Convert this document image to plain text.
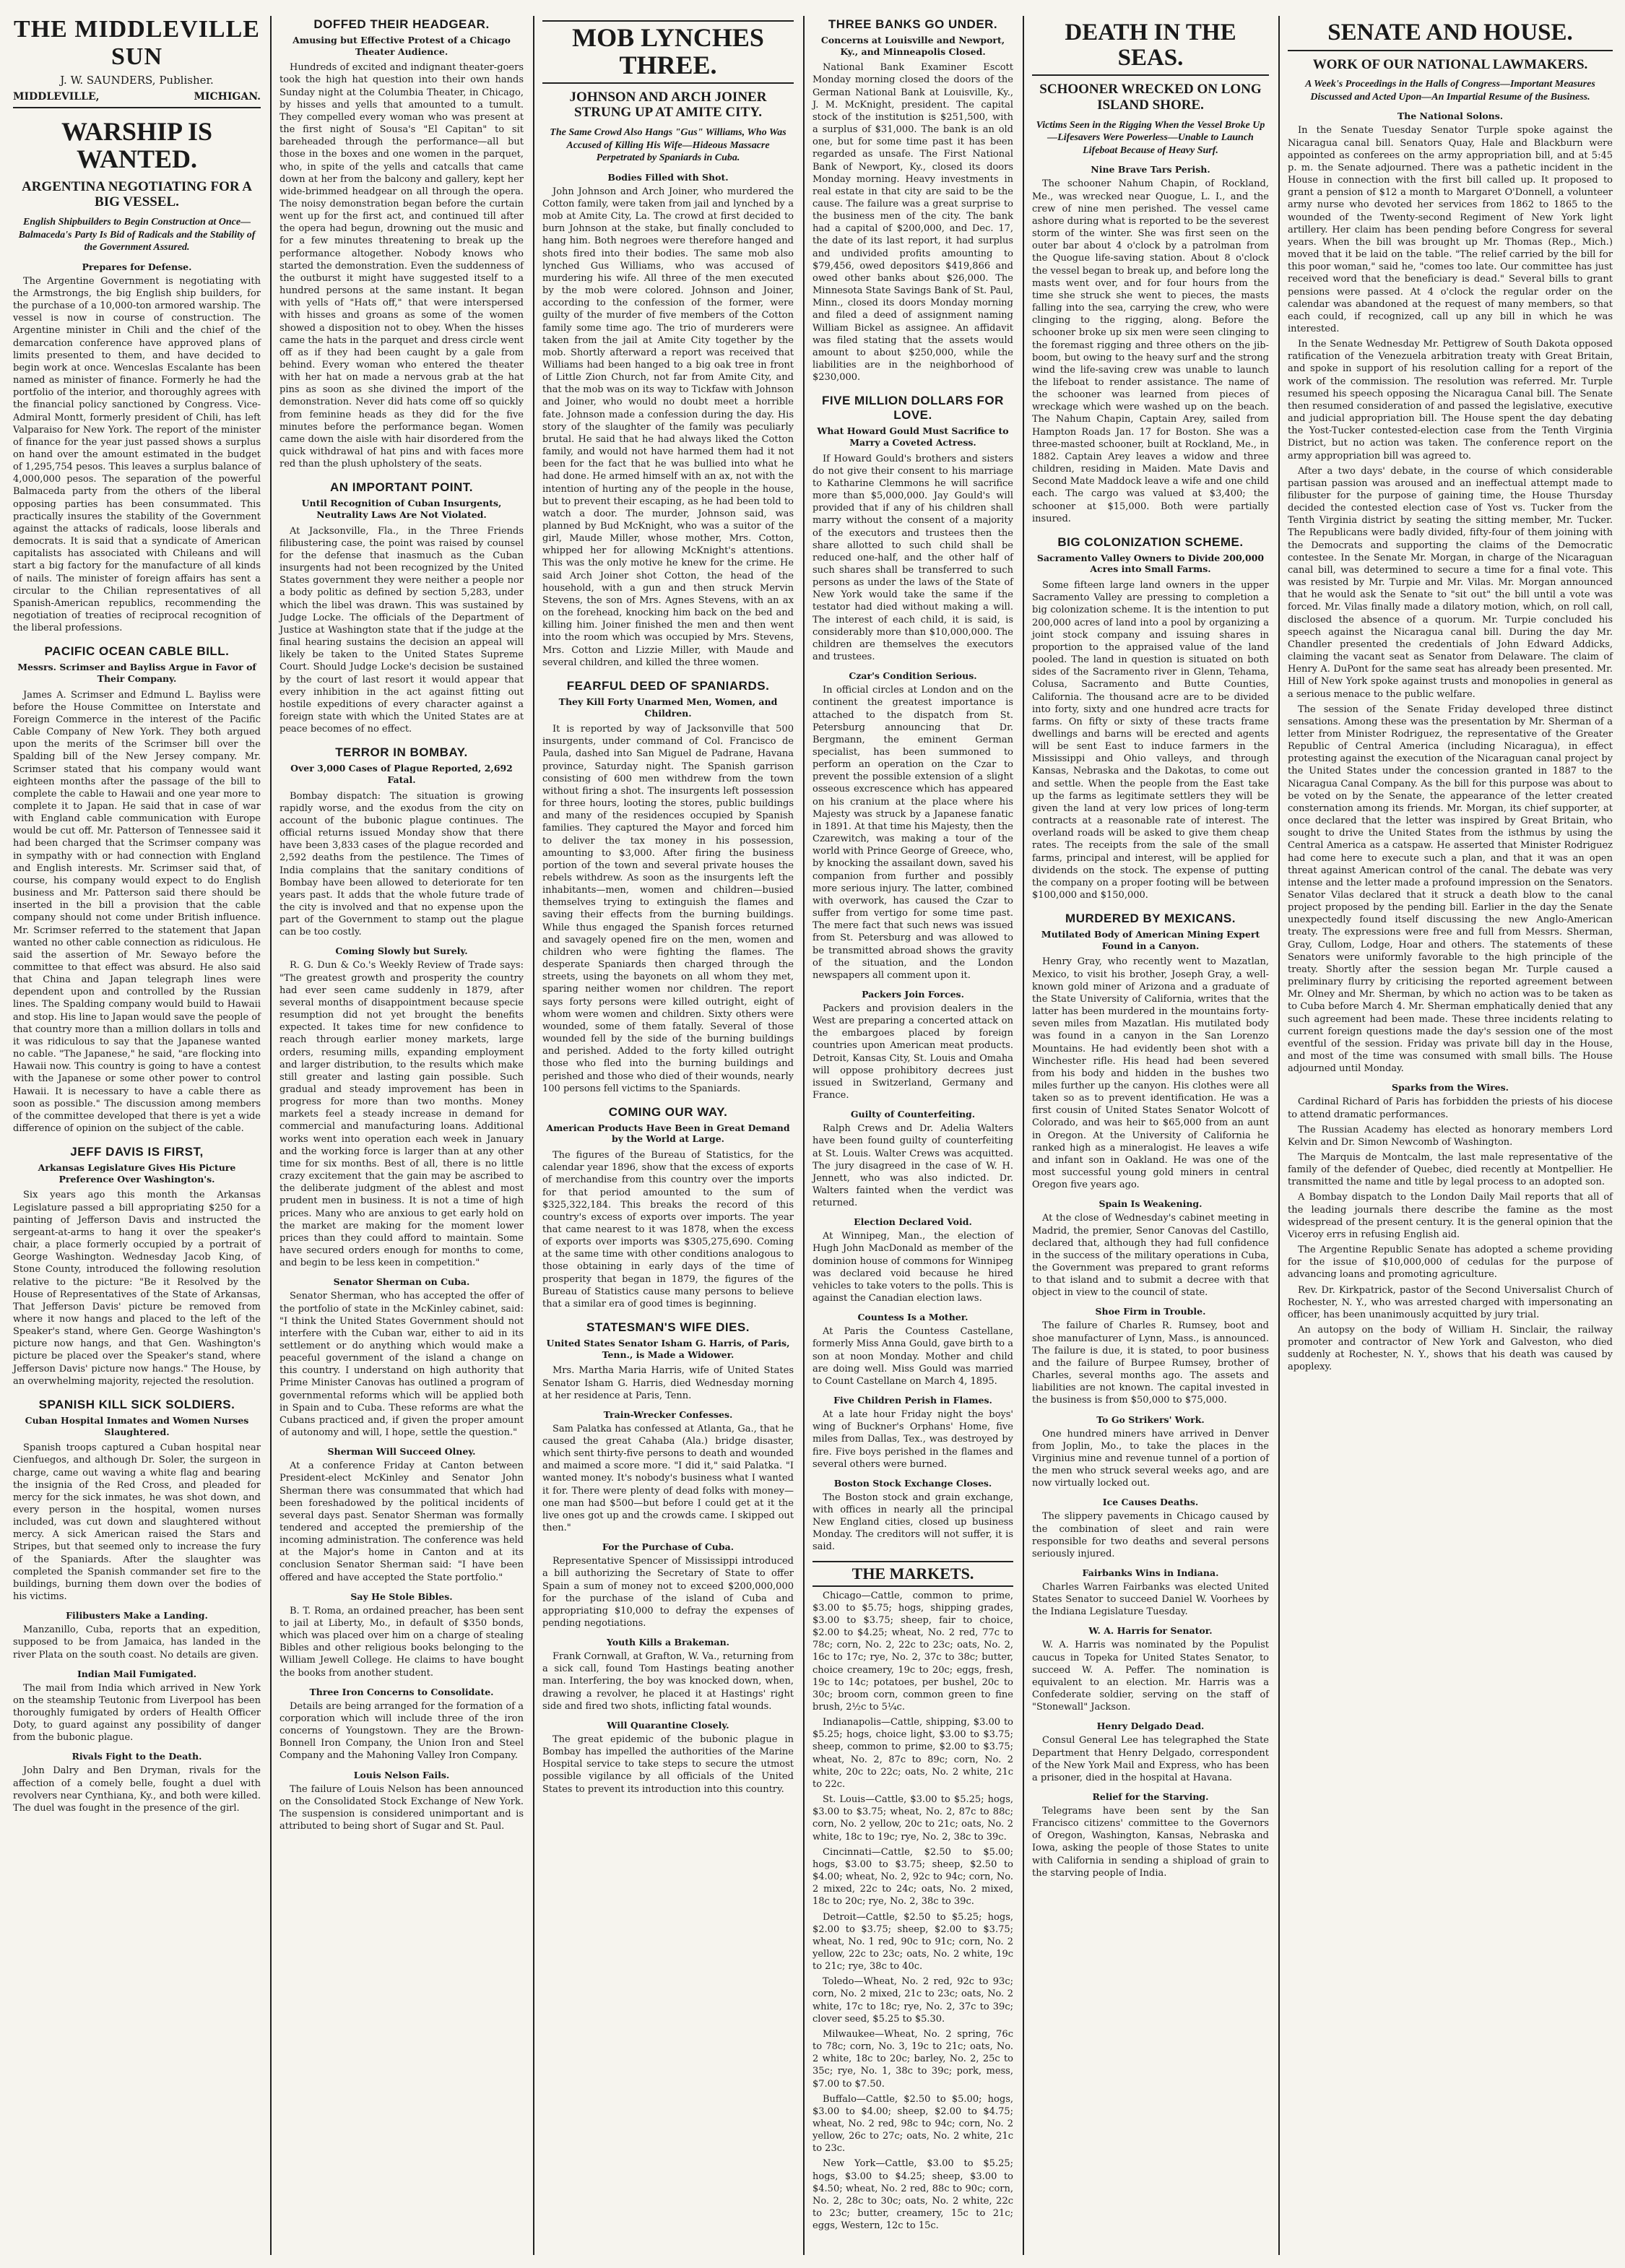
THE MIDDLEVILLE SUN
J. W. SAUNDERS, Publisher.
MIDDLEVILLE,	MICHIGAN.
WARSHIP IS WANTED.
ARGENTINA NEGOTIATING FOR A BIG VESSEL.
English Shipbuilders to Begin Construction at Once—Balmaceda's Party Is Bid of Radicals and the Stability of the Government Assured.
Prepares for Defense.

The Argentine Government is negotiating with the Armstrongs, the big English ship builders, for the purchase of a 10,000-ton armored warship. The vessel is now in course of construction. The Argentine minister in Chili and the chief of the demarcation conference have approved plans of limits presented to them, and have decided to begin work at once. Wenceslas Escalante has been named as minister of finance. Formerly he had the portfolio of the interior, and thoroughly agrees with the financial policy sanctioned by Congress. Vice-Admiral Montt, formerly president of Chili, has left Valparaiso for New York. The report of the minister of finance for the year just passed shows a surplus on hand over the amount estimated in the budget of 1,295,754 pesos. This leaves a surplus balance of 4,000,000 pesos. The separation of the powerful Balmaceda party from the others of the liberal opposing parties has been consummated. This practically insures the stability of the Government against the attacks of radicals, loose liberals and democrats. It is said that a syndicate of American capitalists has associated with Chileans and will start a big factory for the manufacture of all kinds of nails. The minister of foreign affairs has sent a circular to the Chilian representatives of all Spanish-American republics, recommending the negotiation of treaties of reciprocal recognition of the liberal professions.

PACIFIC OCEAN CABLE BILL.
Messrs. Scrimser and Bayliss Argue in Favor of Their Company.

James A. Scrimser and Edmund L. Bayliss were before the House Committee on Interstate and Foreign Commerce in the interest of the Pacific Cable Company of New York. They both argued upon the merits of the Scrimser bill over the Spalding bill of the New Jersey company. Mr. Scrimser stated that his company would want eighteen months after the passage of the bill to complete the cable to Hawaii and one year more to complete it to Japan. He said that in case of war with England cable communication with Europe would be cut off. Mr. Patterson of Tennessee said it had been charged that the Scrimser company was in sympathy with or had connection with England and English interests. Mr. Scrimser said that, of course, his company would expect to do English business and Mr. Patterson said there should be inserted in the bill a provision that the cable company should not come under British influence. Mr. Scrimser referred to the statement that Japan wanted no other cable connection as ridiculous. He said the assertion of Mr. Sewayo before the committee to that effect was absurd. He also said that China and Japan telegraph lines were dependent upon and controlled by the Russian lines. The Spalding company would build to Hawaii and stop. His line to Japan would save the people of that country more than a million dollars in tolls and it was ridiculous to say that the Japanese wanted no cable. "The Japanese," he said, "are flocking into Hawaii now. This country is going to have a contest with the Japanese or some other power to control Hawaii. It is necessary to have a cable there as soon as possible." The discussion among members of the committee developed that there is yet a wide difference of opinion on the subject of the cable.

JEFF DAVIS IS FIRST,
Arkansas Legislature Gives His Picture Preference Over Washington's.

Six years ago this month the Arkansas Legislature passed a bill appropriating $250 for a painting of Jefferson Davis and instructed the sergeant-at-arms to hang it over the speaker's chair, a place formerly occupied by a portrait of George Washington. Wednesday Jacob King, of Stone County, introduced the following resolution relative to the picture: "Be it Resolved by the House of Representatives of the State of Arkansas, That Jefferson Davis' picture be removed from where it now hangs and placed to the left of the Speaker's stand, where Gen. George Washington's picture now hangs, and that Gen. Washington's picture be placed over the Speaker's stand, where Jefferson Davis' picture now hangs." The House, by an overwhelming majority, rejected the resolution.

SPANISH KILL SICK SOLDIERS.
Cuban Hospital Inmates and Women Nurses Slaughtered.

Spanish troops captured a Cuban hospital near Cienfuegos, and although Dr. Soler, the surgeon in charge, came out waving a white flag and bearing the insignia of the Red Cross, and pleaded for mercy for the sick inmates, he was shot down, and every person in the hospital, women nurses included, was cut down and slaughtered without mercy. A sick American raised the Stars and Stripes, but that seemed only to increase the fury of the Spaniards. After the slaughter was completed the Spanish commander set fire to the buildings, burning them down over the bodies of his victims.

Filibusters Make a Landing.

Manzanillo, Cuba, reports that an expedition, supposed to be from Jamaica, has landed in the river Plata on the south coast. No details are given.

Indian Mail Fumigated.

The mail from India which arrived in New York on the steamship Teutonic from Liverpool has been thoroughly fumigated by orders of Health Officer Doty, to guard against any possibility of danger from the bubonic plague.

Rivals Fight to the Death.

John Dalry and Ben Dryman, rivals for the affection of a comely belle, fought a duel with revolvers near Cynthiana, Ky., and both were killed. The duel was fought in the presence of the girl.

DOFFED THEIR HEADGEAR.
Amusing but Effective Protest of a Chicago Theater Audience.

Hundreds of excited and indignant theater-goers took the high hat question into their own hands Sunday night at the Columbia Theater, in Chicago, by hisses and yells that amounted to a tumult. They compelled every woman who was present at the first night of Sousa's "El Capitan" to sit bareheaded through the performance—all but those in the boxes and one women in the parquet, who, in spite of the yells and catcalls that came down at her from the balcony and gallery, kept her wide-brimmed headgear on all through the opera. The noisy demonstration began before the curtain went up for the first act, and continued till after the opera had begun, drowning out the music and for a few minutes threatening to break up the performance altogether. Nobody knows who started the demonstration. Even the suddenness of the outburst it might have suggested itself to a hundred persons at the same instant. It began with yells of "Hats off," that were interspersed with hisses and groans as some of the women showed a disposition not to obey. When the hisses came the hats in the parquet and dress circle went off as if they had been caught by a gale from behind. Every woman who entered the theater with her hat on made a nervous grab at the hat pins as soon as she divined the import of the demonstration. Never did hats come off so quickly from feminine heads as they did for the five minutes before the performance began. Women came down the aisle with hair disordered from the quick withdrawal of hat pins and with faces more red than the plush upholstery of the seats.

AN IMPORTANT POINT.
Until Recognition of Cuban Insurgents, Neutrality Laws Are Not Violated.

At Jacksonville, Fla., in the Three Friends filibustering case, the point was raised by counsel for the defense that inasmuch as the Cuban insurgents had not been recognized by the United States government they were neither a people nor a body politic as defined by section 5,283, under which the libel was drawn. This was sustained by Judge Locke. The officials of the Department of Justice at Washington state that if the judge at the final hearing sustains the decision an appeal will likely be taken to the United States Supreme Court. Should Judge Locke's decision be sustained by the court of last resort it would appear that every inhibition in the act against fitting out hostile expeditions of every character against a foreign state with which the United States are at peace becomes of no effect.

TERROR IN BOMBAY.
Over 3,000 Cases of Plague Reported, 2,692 Fatal.

Bombay dispatch: The situation is growing rapidly worse, and the exodus from the city on account of the bubonic plague continues. The official returns issued Monday show that there have been 3,833 cases of the plague recorded and 2,592 deaths from the pestilence. The Times of India complains that the sanitary conditions of Bombay have been allowed to deteriorate for ten years past. It adds that the whole future trade of the city is involved and that no expense upon the part of the Government to stamp out the plague can be too costly.

Coming Slowly but Surely.

R. G. Dun & Co.'s Weekly Review of Trade says: "The greatest growth and prosperity the country had ever seen came suddenly in 1879, after several months of disappointment because specie resumption did not yet brought the benefits expected. It takes time for new confidence to reach through earlier money markets, large orders, resuming mills, expanding employment and larger distribution, to the results which make still greater and lasting gain possible. Such gradual and steady improvement has been in progress for more than two months. Money markets feel a steady increase in demand for commercial and manufacturing loans. Additional works went into operation each week in January and the working force is larger than at any other time for six months. Best of all, there is no little crazy excitement that the gain may be ascribed to the deliberate judgment of the ablest and most prudent men in business. It is not a time of high prices. Many who are anxious to get early hold on the market are making for the moment lower prices than they could afford to maintain. Some have secured orders enough for months to come, and begin to be less keen in competition."

Senator Sherman on Cuba.

Senator Sherman, who has accepted the offer of the portfolio of state in the McKinley cabinet, said: "I think the United States Government should not interfere with the Cuban war, either to aid in its settlement or do anything which would make a peaceful government of the island a change on this country. I understand on high authority that Prime Minister Canovas has outlined a program of governmental reforms which will be applied both in Spain and to Cuba. These reforms are what the Cubans practiced and, if given the proper amount of autonomy and will, I hope, settle the question."

Sherman Will Succeed Olney.

At a conference Friday at Canton between President-elect McKinley and Senator John Sherman there was consummated that which had been foreshadowed by the political incidents of several days past. Senator Sherman was formally tendered and accepted the premiership of the incoming administration. The conference was held at the Major's home in Canton and at its conclusion Senator Sherman said: "I have been offered and have accepted the State portfolio."

Say He Stole Bibles.

B. T. Roma, an ordained preacher, has been sent to jail at Liberty, Mo., in default of $350 bonds, which was placed over him on a charge of stealing Bibles and other religious books belonging to the William Jewell College. He claims to have bought the books from another student.

Three Iron Concerns to Consolidate.

Details are being arranged for the formation of a corporation which will include three of the iron concerns of Youngstown. They are the Brown-Bonnell Iron Company, the Union Iron and Steel Company and the Mahoning Valley Iron Company.

Louis Nelson Fails.

The failure of Louis Nelson has been announced on the Consolidated Stock Exchange of New York. The suspension is considered unimportant and is attributed to being short of Sugar and St. Paul.

MOB LYNCHES THREE.
JOHNSON AND ARCH JOINER STRUNG UP AT AMITE CITY.
The Same Crowd Also Hangs "Gus" Williams, Who Was Accused of Killing His Wife—Hideous Massacre Perpetrated by Spaniards in Cuba.
Bodies Filled with Shot.

John Johnson and Arch Joiner, who murdered the Cotton family, were taken from jail and lynched by a mob at Amite City, La. The crowd at first decided to burn Johnson at the stake, but finally concluded to hang him. Both negroes were therefore hanged and shots fired into their bodies. The same mob also lynched Gus Williams, who was accused of murdering his wife. All three of the men executed by the mob were colored. Johnson and Joiner, according to the confession of the former, were guilty of the murder of five members of the Cotton family some time ago. The trio of murderers were taken from the jail at Amite City together by the mob. Shortly afterward a report was received that Williams had been hanged to a big oak tree in front of Little Zion Church, not far from Amite City, and that the mob was on its way to Tickfaw with Johnson and Joiner, who would no doubt meet a horrible fate. Johnson made a confession during the day. His story of the slaughter of the family was peculiarly brutal. He said that he had always liked the Cotton family, and would not have harmed them had it not been for the fact that he was bullied into what he had done. He armed himself with an ax, not with the intention of hurting any of the people in the house, but to prevent their escaping, as he had been told to watch a door. The murder, Johnson said, was planned by Bud McKnight, who was a suitor of the girl, Maude Miller, whose mother, Mrs. Cotton, whipped her for allowing McKnight's attentions. This was the only motive he knew for the crime. He said Arch Joiner shot Cotton, the head of the household, with a gun and then struck Mervin Stevens, the son of Mrs. Agnes Stevens, with an ax on the forehead, knocking him back on the bed and killing him. Joiner finished the men and then went into the room which was occupied by Mrs. Stevens, Mrs. Cotton and Lizzie Miller, with Maude and several children, and killed the three women.

FEARFUL DEED OF SPANIARDS.
They Kill Forty Unarmed Men, Women, and Children.

It is reported by way of Jacksonville that 500 insurgents, under command of Col. Francisco de Paula, dashed into San Miguel de Padrane, Havana province, Saturday night. The Spanish garrison consisting of 600 men withdrew from the town without firing a shot. The insurgents left possession for three hours, looting the stores, public buildings and many of the residences occupied by Spanish families. They captured the Mayor and forced him to deliver the tax money in his possession, amounting to $3,000. After firing the business portion of the town and several private houses the rebels withdrew. As soon as the insurgents left the inhabitants—men, women and children—busied themselves trying to extinguish the flames and saving their effects from the burning buildings. While thus engaged the Spanish forces returned and savagely opened fire on the men, women and children who were fighting the flames. The desperate Spaniards then charged through the streets, using the bayonets on all whom they met, sparing neither women nor children. The report says forty persons were killed outright, eight of whom were women and children. Sixty others were wounded, some of them fatally. Several of those wounded fell by the side of the burning buildings and perished. Added to the forty killed outright those who fled into the burning buildings and perished and those who died of their wounds, nearly 100 persons fell victims to the Spaniards.

COMING OUR WAY.
American Products Have Been in Great Demand by the World at Large.

The figures of the Bureau of Statistics, for the calendar year 1896, show that the excess of exports of merchandise from this country over the imports for that period amounted to the sum of $325,322,184. This breaks the record of this country's excess of exports over imports. The year that came nearest to it was 1878, when the excess of exports over imports was $305,275,690. Coming at the same time with other conditions analogous to those obtaining in early days of the time of prosperity that began in 1879, the figures of the Bureau of Statistics cause many persons to believe that a similar era of good times is beginning.

STATESMAN'S WIFE DIES.
United States Senator Isham G. Harris, of Paris, Tenn., is Made a Widower.

Mrs. Martha Maria Harris, wife of United States Senator Isham G. Harris, died Wednesday morning at her residence at Paris, Tenn.

Train-Wrecker Confesses.

Sam Palatka has confessed at Atlanta, Ga., that he caused the great Cahaba (Ala.) bridge disaster, which sent thirty-five persons to death and wounded and maimed a score more. "I did it," said Palatka. "I wanted money. It's nobody's business what I wanted it for. There were plenty of dead folks with money—one man had $500—but before I could get at it the live ones got up and the crowds came. I skipped out then."

For the Purchase of Cuba.

Representative Spencer of Mississippi introduced a bill authorizing the Secretary of State to offer Spain a sum of money not to exceed $200,000,000 for the purchase of the island of Cuba and appropriating $10,000 to defray the expenses of pending negotiations.

Youth Kills a Brakeman.

Frank Cornwall, at Grafton, W. Va., returning from a sick call, found Tom Hastings beating another man. Interfering, the boy was knocked down, when, drawing a revolver, he placed it at Hastings' right side and fired two shots, inflicting fatal wounds.

Will Quarantine Closely.

The great epidemic of the bubonic plague in Bombay has impelled the authorities of the Marine Hospital service to take steps to secure the utmost possible vigilance by all officials of the United States to prevent its introduction into this country.

THREE BANKS GO UNDER.
Concerns at Louisville and Newport, Ky., and Minneapolis Closed.

National Bank Examiner Escott Monday morning closed the doors of the German National Bank at Louisville, Ky., J. M. McKnight, president. The capital stock of the institution is $251,500, with a surplus of $31,000. The bank is an old one, but for some time past it has been regarded as unsafe. The First National Bank of Newport, Ky., closed its doors Monday morning. Heavy investments in real estate in that city are said to be the cause. The failure was a great surprise to the business men of the city. The bank had a capital of $200,000, and Dec. 17, the date of its last report, it had surplus and undivided profits amounting to $79,456, owed depositors $419,866 and owed other banks about $26,000. The Minnesota State Savings Bank of St. Paul, Minn., closed its doors Monday morning and filed a deed of assignment naming William Bickel as assignee. An affidavit was filed stating that the assets would amount to about $250,000, while the liabilities are in the neighborhood of $230,000.

FIVE MILLION DOLLARS FOR LOVE.
What Howard Gould Must Sacrifice to Marry a Coveted Actress.

If Howard Gould's brothers and sisters do not give their consent to his marriage to Katharine Clemmons he will sacrifice more than $5,000,000. Jay Gould's will provided that if any of his children shall marry without the consent of a majority of the executors and trustees then the share allotted to such child shall be reduced one-half, and the other half of such shares shall be transferred to such persons as under the laws of the State of New York would take the same if the testator had died without making a will. The interest of each child, it is said, is considerably more than $10,000,000. The children are themselves the executors and trustees.

Czar's Condition Serious.

In official circles at London and on the continent the greatest importance is attached to the dispatch from St. Petersburg announcing that Dr. Bergmann, the eminent German specialist, has been summoned to perform an operation on the Czar to prevent the possible extension of a slight osseous excrescence which has appeared on his cranium at the place where his Majesty was struck by a Japanese fanatic in 1891. At that time his Majesty, then the Czarewitch, was making a tour of the world with Prince George of Greece, who, by knocking the assailant down, saved his companion from further and possibly more serious injury. The latter, combined with overwork, has caused the Czar to suffer from vertigo for some time past. The mere fact that such news was issued from St. Petersburg and was allowed to be transmitted abroad shows the gravity of the situation, and the London newspapers all comment upon it.

Packers Join Forces.

Packers and provision dealers in the West are preparing a concerted attack on the embargoes placed by foreign countries upon American meat products. Detroit, Kansas City, St. Louis and Omaha will oppose prohibitory decrees just issued in Switzerland, Germany and France.

Guilty of Counterfeiting.

Ralph Crews and Dr. Adelia Walters have been found guilty of counterfeiting at St. Louis. Walter Crews was acquitted. The jury disagreed in the case of W. H. Jennett, who was also indicted. Dr. Walters fainted when the verdict was returned.

Election Declared Void.

At Winnipeg, Man., the election of Hugh John MacDonald as member of the dominion house of commons for Winnipeg was declared void because he hired vehicles to take voters to the polls. This is against the Canadian election laws.

Countess Is a Mother.

At Paris the Countess Castellane, formerly Miss Anna Gould, gave birth to a son at noon Monday. Mother and child are doing well. Miss Gould was married to Count Castellane on March 4, 1895.

Five Children Perish in Flames.

At a late hour Friday night the boys' wing of Buckner's Orphans' Home, five miles from Dallas, Tex., was destroyed by fire. Five boys perished in the flames and several others were burned.

Boston Stock Exchange Closes.

The Boston stock and grain exchange, with offices in nearly all the principal New England cities, closed up business Monday. The creditors will not suffer, it is said.

THE MARKETS.

Chicago—Cattle, common to prime, $3.00 to $5.75; hogs, shipping grades, $3.00 to $3.75; sheep, fair to choice, $2.00 to $4.25; wheat, No. 2 red, 77c to 78c; corn, No. 2, 22c to 23c; oats, No. 2, 16c to 17c; rye, No. 2, 37c to 38c; butter, choice creamery, 19c to 20c; eggs, fresh, 19c to 14c; potatoes, per bushel, 20c to 30c; broom corn, common green to fine brush, 2½c to 5¼c.

Indianapolis—Cattle, shipping, $3.00 to $5.25; hogs, choice light, $3.00 to $3.75; sheep, common to prime, $2.00 to $3.75; wheat, No. 2, 87c to 89c; corn, No. 2 white, 20c to 22c; oats, No. 2 white, 21c to 22c.

St. Louis—Cattle, $3.00 to $5.25; hogs, $3.00 to $3.75; wheat, No. 2, 87c to 88c; corn, No. 2 yellow, 20c to 21c; oats, No. 2 white, 18c to 19c; rye, No. 2, 38c to 39c.

Cincinnati—Cattle, $2.50 to $5.00; hogs, $3.00 to $3.75; sheep, $2.50 to $4.00; wheat, No. 2, 92c to 94c; corn, No. 2 mixed, 22c to 24c; oats, No. 2 mixed, 18c to 20c; rye, No. 2, 38c to 39c.

Detroit—Cattle, $2.50 to $5.25; hogs, $2.00 to $3.75; sheep, $2.00 to $3.75; wheat, No. 1 red, 90c to 91c; corn, No. 2 yellow, 22c to 23c; oats, No. 2 white, 19c to 21c; rye, 38c to 40c.

Toledo—Wheat, No. 2 red, 92c to 93c; corn, No. 2 mixed, 21c to 23c; oats, No. 2 white, 17c to 18c; rye, No. 2, 37c to 39c; clover seed, $5.25 to $5.30.

Milwaukee—Wheat, No. 2 spring, 76c to 78c; corn, No. 3, 19c to 21c; oats, No. 2 white, 18c to 20c; barley, No. 2, 25c to 35c; rye, No. 1, 38c to 39c; pork, mess, $7.00 to $7.50.

Buffalo—Cattle, $2.50 to $5.00; hogs, $3.00 to $4.00; sheep, $2.00 to $4.75; wheat, No. 2 red, 98c to 94c; corn, No. 2 yellow, 26c to 27c; oats, No. 2 white, 21c to 23c.

New York—Cattle, $3.00 to $5.25; hogs, $3.00 to $4.25; sheep, $3.00 to $4.50; wheat, No. 2 red, 88c to 90c; corn, No. 2, 28c to 30c; oats, No. 2 white, 22c to 23c; butter, creamery, 15c to 21c; eggs, Western, 12c to 15c.

DEATH IN THE SEAS.
SCHOONER WRECKED ON LONG ISLAND SHORE.
Victims Seen in the Rigging When the Vessel Broke Up—Lifesavers Were Powerless—Unable to Launch Lifeboat Because of Heavy Surf.
Nine Brave Tars Perish.

The schooner Nahum Chapin, of Rockland, Me., was wrecked near Quogue, L. I., and the crew of nine men perished. The vessel came ashore during what is reported to be the severest storm of the winter. She was first seen on the outer bar about 4 o'clock by a patrolman from the Quogue life-saving station. About 8 o'clock the vessel began to break up, and before long the masts went over, and for four hours from the time she struck she went to pieces, the masts falling into the sea, carrying the crew, who were clinging to the rigging, along. Before the schooner broke up six men were seen clinging to the foremast rigging and three others on the jib-boom, but owing to the heavy surf and the strong wind the life-saving crew was unable to launch the lifeboat to render assistance. The name of the schooner was learned from pieces of wreckage which were washed up on the beach. The Nahum Chapin, Captain Arey, sailed from Hampton Roads Jan. 17 for Boston. She was a three-masted schooner, built at Rockland, Me., in 1882. Captain Arey leaves a widow and three children, residing in Maiden. Mate Davis and Second Mate Maddock leave a wife and one child each. The cargo was valued at $3,400; the schooner at $15,000. Both were partially insured.

BIG COLONIZATION SCHEME.
Sacramento Valley Owners to Divide 200,000 Acres into Small Farms.

Some fifteen large land owners in the upper Sacramento Valley are pressing to completion a big colonization scheme. It is the intention to put 200,000 acres of land into a pool by organizing a joint stock company and issuing shares in proportion to the appraised value of the land pooled. The land in question is situated on both sides of the Sacramento river in Glenn, Tehama, Colusa, Sacramento and Butte Counties, California. The thousand acre are to be divided into forty, sixty and one hundred acre tracts for farms. On fifty or sixty of these tracts frame dwellings and barns will be erected and agents will be sent East to induce farmers in the Mississippi and Ohio valleys, and through Kansas, Nebraska and the Dakotas, to come out and settle. When the people from the East take up the farms as legitimate settlers they will be given the land at very low prices of long-term contracts at a reasonable rate of interest. The overland roads will be asked to give them cheap rates. The receipts from the sale of the small farms, principal and interest, will be applied for dividends on the stock. The expense of putting the company on a proper footing will be between $100,000 and $150,000.

MURDERED BY MEXICANS.
Mutilated Body of American Mining Expert Found in a Canyon.

Henry Gray, who recently went to Mazatlan, Mexico, to visit his brother, Joseph Gray, a well-known gold miner of Arizona and a graduate of the State University of California, writes that the latter has been murdered in the mountains forty-seven miles from Mazatlan. His mutilated body was found in a canyon in the San Lorenzo Mountains. He had evidently been shot with a Winchester rifle. His head had been severed from his body and hidden in the bushes two miles further up the canyon. His clothes were all taken so as to prevent identification. He was a first cousin of United States Senator Wolcott of Colorado, and was heir to $65,000 from an aunt in Oregon. At the University of California he ranked high as a mineralogist. He leaves a wife and infant son in Oakland. He was one of the most successful young gold miners in central Oregon five years ago.

Spain Is Weakening.

At the close of Wednesday's cabinet meeting in Madrid, the premier, Senor Canovas del Castillo, declared that, although they had full confidence in the success of the military operations in Cuba, the Government was prepared to grant reforms to that island and to submit a decree with that object in view to the council of state.

Shoe Firm in Trouble.

The failure of Charles R. Rumsey, boot and shoe manufacturer of Lynn, Mass., is announced. The failure is due, it is stated, to poor business and the failure of Burpee Rumsey, brother of Charles, several months ago. The assets and liabilities are not known. The capital invested in the business is from $50,000 to $75,000.

To Go Strikers' Work.

One hundred miners have arrived in Denver from Joplin, Mo., to take the places in the Virginius mine and revenue tunnel of a portion of the men who struck several weeks ago, and are now virtually locked out.

Ice Causes Deaths.

The slippery pavements in Chicago caused by the combination of sleet and rain were responsible for two deaths and several persons seriously injured.

Fairbanks Wins in Indiana.

Charles Warren Fairbanks was elected United States Senator to succeed Daniel W. Voorhees by the Indiana Legislature Tuesday.

W. A. Harris for Senator.

W. A. Harris was nominated by the Populist caucus in Topeka for United States Senator, to succeed W. A. Peffer. The nomination is equivalent to an election. Mr. Harris was a Confederate soldier, serving on the staff of "Stonewall" Jackson.

Henry Delgado Dead.

Consul General Lee has telegraphed the State Department that Henry Delgado, correspondent of the New York Mail and Express, who has been a prisoner, died in the hospital at Havana.

Relief for the Starving.

Telegrams have been sent by the San Francisco citizens' committee to the Governors of Oregon, Washington, Kansas, Nebraska and Iowa, asking the people of those States to unite with California in sending a shipload of grain to the starving people of India.

SENATE AND HOUSE.
WORK OF OUR NATIONAL LAWMAKERS.
A Week's Proceedings in the Halls of Congress—Important Measures Discussed and Acted Upon—An Impartial Resume of the Business.
The National Solons.

In the Senate Tuesday Senator Turple spoke against the Nicaragua canal bill. Senators Quay, Hale and Blackburn were appointed as conferees on the army appropriation bill, and at 5:45 p. m. the Senate adjourned. There was a pathetic incident in the House in connection with the first bill called up. It proposed to grant a pension of $12 a month to Margaret O'Donnell, a volunteer army nurse who devoted her services from 1862 to 1865 to the wounded of the Twenty-second Regiment of New York light artillery. Her claim has been pending before Congress for several years. When the bill was brought up Mr. Thomas (Rep., Mich.) moved that it be laid on the table. "The relief carried by the bill for this poor woman," said he, "comes too late. Our committee has just received word that the beneficiary is dead." Several bills to grant pensions were passed. At 4 o'clock the regular order on the calendar was abandoned at the request of many members, so that each could, if recognized, call up any bill in which he was interested.

In the Senate Wednesday Mr. Pettigrew of South Dakota opposed ratification of the Venezuela arbitration treaty with Great Britain, and spoke in support of his resolution calling for a report of the work of the commission. The resolution was referred. Mr. Turple resumed his speech opposing the Nicaragua Canal bill. The Senate then resumed consideration of and passed the legislative, executive and judicial appropriation bill. The House spent the day debating the Yost-Tucker contested-election case from the Tenth Virginia District, but no action was taken. The conference report on the army appropriation bill was agreed to.

After a two days' debate, in the course of which considerable partisan passion was aroused and an ineffectual attempt made to filibuster for the purpose of gaining time, the House Thursday decided the contested election case of Yost vs. Tucker from the Tenth Virginia district by seating the sitting member, Mr. Tucker. The Republicans were badly divided, fifty-four of them joining with the Democrats and supporting the claims of the Democratic contestee. In the Senate Mr. Morgan, in charge of the Nicaraguan canal bill, was determined to secure a time for a final vote. This was resisted by Mr. Turpie and Mr. Vilas. Mr. Morgan announced that he would ask the Senate to "sit out" the bill until a vote was forced. Mr. Vilas finally made a dilatory motion, which, on roll call, disclosed the absence of a quorum. Mr. Turpie concluded his speech against the Nicaragua canal bill. During the day Mr. Chandler presented the credentials of John Edward Addicks, claiming the vacant seat as Senator from Delaware. The claim of Henry A. DuPont for the same seat has already been presented. Mr. Hill of New York spoke against trusts and monopolies in general as a serious menace to the public welfare.

The session of the Senate Friday developed three distinct sensations. Among these was the presentation by Mr. Sherman of a letter from Minister Rodriguez, the representative of the Greater Republic of Central America (including Nicaragua), in effect protesting against the execution of the Nicaraguan canal project by the United States under the concession granted in 1887 to the Nicaragua Canal Company. As the bill for this purpose was about to be voted on by the Senate, the appearance of the letter created consternation among its friends. Mr. Morgan, its chief supporter, at once declared that the letter was inspired by Great Britain, who sought to drive the United States from the isthmus by using the Central America as a catspaw. He asserted that Minister Rodriguez had come here to execute such a plan, and that it was an open threat against American control of the canal. The debate was very intense and the letter made a profound impression on the Senators. Senator Vilas declared that it struck a death blow to the canal project proposed by the pending bill. Earlier in the day the Senate unexpectedly found itself discussing the new Anglo-American treaty. The expressions were free and full from Messrs. Sherman, Gray, Cullom, Lodge, Hoar and others. The statements of these Senators were uniformly favorable to the high principle of the treaty. Shortly after the session began Mr. Turple caused a preliminary flurry by criticising the reported agreement between Mr. Olney and Mr. Sherman, by which no action was to be taken as to Cuba before March 4. Mr. Sherman emphatically denied that any such agreement had been made. These three incidents relating to current foreign questions made the day's session one of the most eventful of the session. Friday was private bill day in the House, and most of the time was consumed with small bills. The House adjourned until Monday.

Sparks from the Wires.

Cardinal Richard of Paris has forbidden the priests of his diocese to attend dramatic performances.

The Russian Academy has elected as honorary members Lord Kelvin and Dr. Simon Newcomb of Washington.

The Marquis de Montcalm, the last male representative of the family of the defender of Quebec, died recently at Montpellier. He transmitted the name and title by legal process to an adopted son.

A Bombay dispatch to the London Daily Mail reports that all of the leading journals there describe the famine as the most widespread of the present century. It is the general opinion that the Viceroy errs in refusing English aid.

The Argentine Republic Senate has adopted a scheme providing for the issue of $10,000,000 of cedulas for the purpose of advancing loans and promoting agriculture.

Rev. Dr. Kirkpatrick, pastor of the Second Universalist Church of Rochester, N. Y., who was arrested charged with impersonating an officer, has been unanimously acquitted by jury trial.

An autopsy on the body of William H. Sinclair, the railway promoter and contractor of New York and Galveston, who died suddenly at Rochester, N. Y., shows that his death was caused by apoplexy.
